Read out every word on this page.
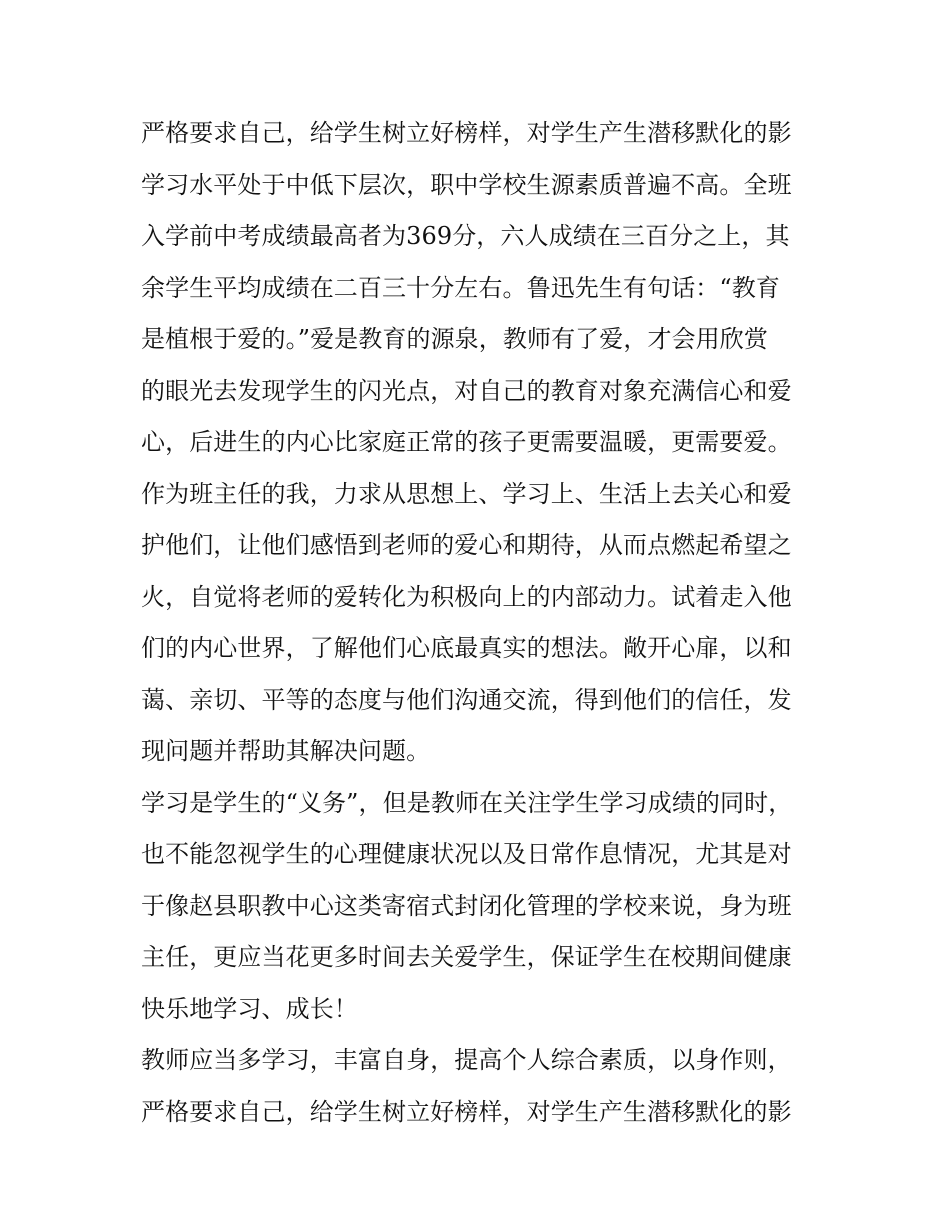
严格要求自己，给学生树立好榜样，对学生产生潜移默化的影
学习水平处于中低下层次，职中学校生源素质普遍不高。全班
入学前中考成绩最高者为369分，六人成绩在三百分之上，其
余学生平均成绩在二百三十分左右。鲁迅先生有句话：“教育
是植根于爱的。”爱是教育的源泉，教师有了爱，才会用欣赏
的眼光去发现学生的闪光点，对自己的教育对象充满信心和爱
心，后进生的内心比家庭正常的孩子更需要温暖，更需要爱。
作为班主任的我，力求从思想上、学习上、生活上去关心和爱
护他们，让他们感悟到老师的爱心和期待，从而点燃起希望之
火，自觉将老师的爱转化为积极向上的内部动力。试着走入他
们的内心世界，了解他们心底最真实的想法。敞开心扉，以和
蔼、亲切、平等的态度与他们沟通交流，得到他们的信任，发
现问题并帮助其解决问题。
学习是学生的“义务”，但是教师在关注学生学习成绩的同时，
也不能忽视学生的心理健康状况以及日常作息情况，尤其是对
于像赵县职教中心这类寄宿式封闭化管理的学校来说，身为班
主任，更应当花更多时间去关爱学生，保证学生在校期间健康
快乐地学习、成长！
教师应当多学习，丰富自身，提高个人综合素质，以身作则，
严格要求自己，给学生树立好榜样，对学生产生潜移默化的影
